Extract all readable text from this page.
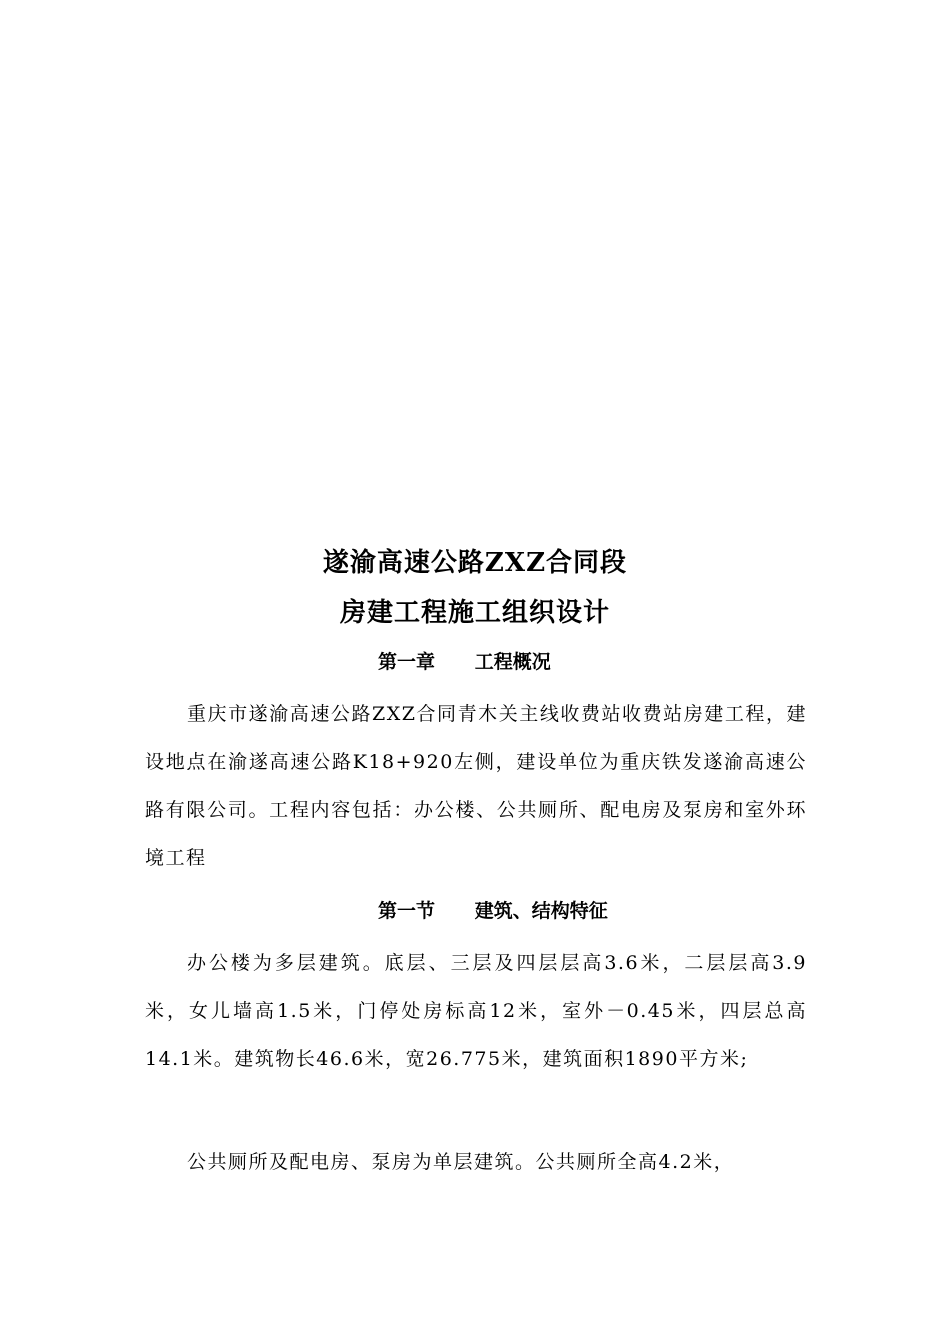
遂渝高速公路ZXZ合同段
房建工程施工组织设计
第一章      工程概况
重庆市遂渝高速公路ZXZ合同青木关主线收费站收费站房建工程，建设地点在渝遂高速公路K18+920左侧，建设单位为重庆铁发遂渝高速公路有限公司。工程内容包括：办公楼、公共厕所、配电房及泵房和室外环境工程
第一节      建筑、结构特征
办公楼为多层建筑。底层、三层及四层层高3.6米，二层层高3.9米，女儿墙高1.5米，门停处房标高12米，室外－0.45米，四层总高14.1米。建筑物长46.6米，宽26.775米，建筑面积1890平方米;
公共厕所及配电房、泵房为单层建筑。公共厕所全高4.2米，
